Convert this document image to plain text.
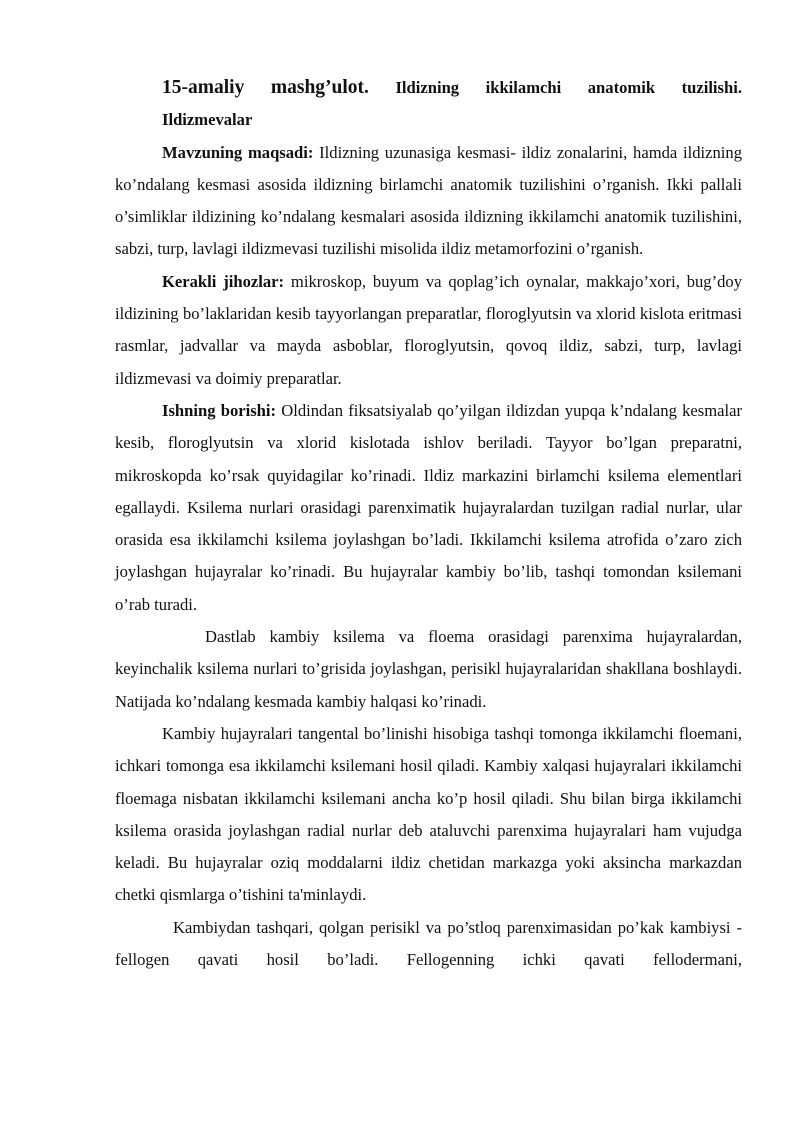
15-amaliy mashg’ulot. Ildizning ikkilamchi anatomik tuzilishi.

Ildizmevalar

Mavzuning maqsadi: Ildizning uzunasiga kesmasi- ildiz zonalarini, hamda ildizning ko’ndalang kesmasi asosida ildizning birlamchi anatomik tuzilishini o’rganish. Ikki pallali o’simliklar ildizining ko’ndalang kesmalari asosida ildizning ikkilamchi anatomik tuzilishini, sabzi, turp, lavlagi ildizmevasi tuzilishi misolida ildiz metamorfozini o’rganish.

Kerakli jihozlar: mikroskop, buyum va qoplag’ich oynalar, makkajo’xori, bug’doy ildizining bo’laklaridan kesib tayyorlangan preparatlar, floroglyutsin va xlorid kislota eritmasi rasmlar, jadvallar va mayda asboblar, floroglyutsin, qovoq ildiz, sabzi, turp, lavlagi ildizmevasi va doimiy preparatlar.

Ishning borishi: Oldindan fiksatsiyalab qo’yilgan ildizdan yupqa k’ndalang kesmalar kesib, floroglyutsin va xlorid kislotada ishlov beriladi. Tayyor bo’lgan preparatni, mikroskopda ko’rsak quyidagilar ko’rinadi. Ildiz markazini birlamchi ksilema elementlari egallaydi. Ksilema nurlari orasidagi parenximatik hujayralardan tuzilgan radial nurlar, ular orasida esa ikkilamchi ksilema joylashgan bo’ladi. Ikkilamchi ksilema atrofida o’zaro zich joylashgan hujayralar ko’rinadi. Bu hujayralar kambiy bo’lib, tashqi tomondan ksilemani o’rab turadi.

Dastlab kambiy ksilema va floema orasidagi parenxima hujayralardan, keyinchalik ksilema nurlari to’grisida joylashgan, perisikl hujayralaridan shakllana boshlaydi. Natijada ko’ndalang kesmada kambiy halqasi ko’rinadi.

Kambiy hujayralari tangental bo’linishi hisobiga tashqi tomonga ikkilamchi floemani, ichkari tomonga esa ikkilamchi ksilemani hosil qiladi. Kambiy xalqasi hujayralari ikkilamchi floemaga nisbatan ikkilamchi ksilemani ancha ko’p hosil qiladi. Shu bilan birga ikkilamchi ksilema orasida joylashgan radial nurlar deb ataluvchi parenxima hujayralari ham vujudga keladi. Bu hujayralar oziq moddalarni ildiz chetidan markazga yoki aksincha markazdan chetki qismlarga o’tishini ta'minlaydi.

Kambiydan tashqari, qolgan perisikl va po’stloq parenximasidan po’kak kambiysi - fellogen qavati hosil bo’ladi. Fellogenning ichki qavati fellodermani,
